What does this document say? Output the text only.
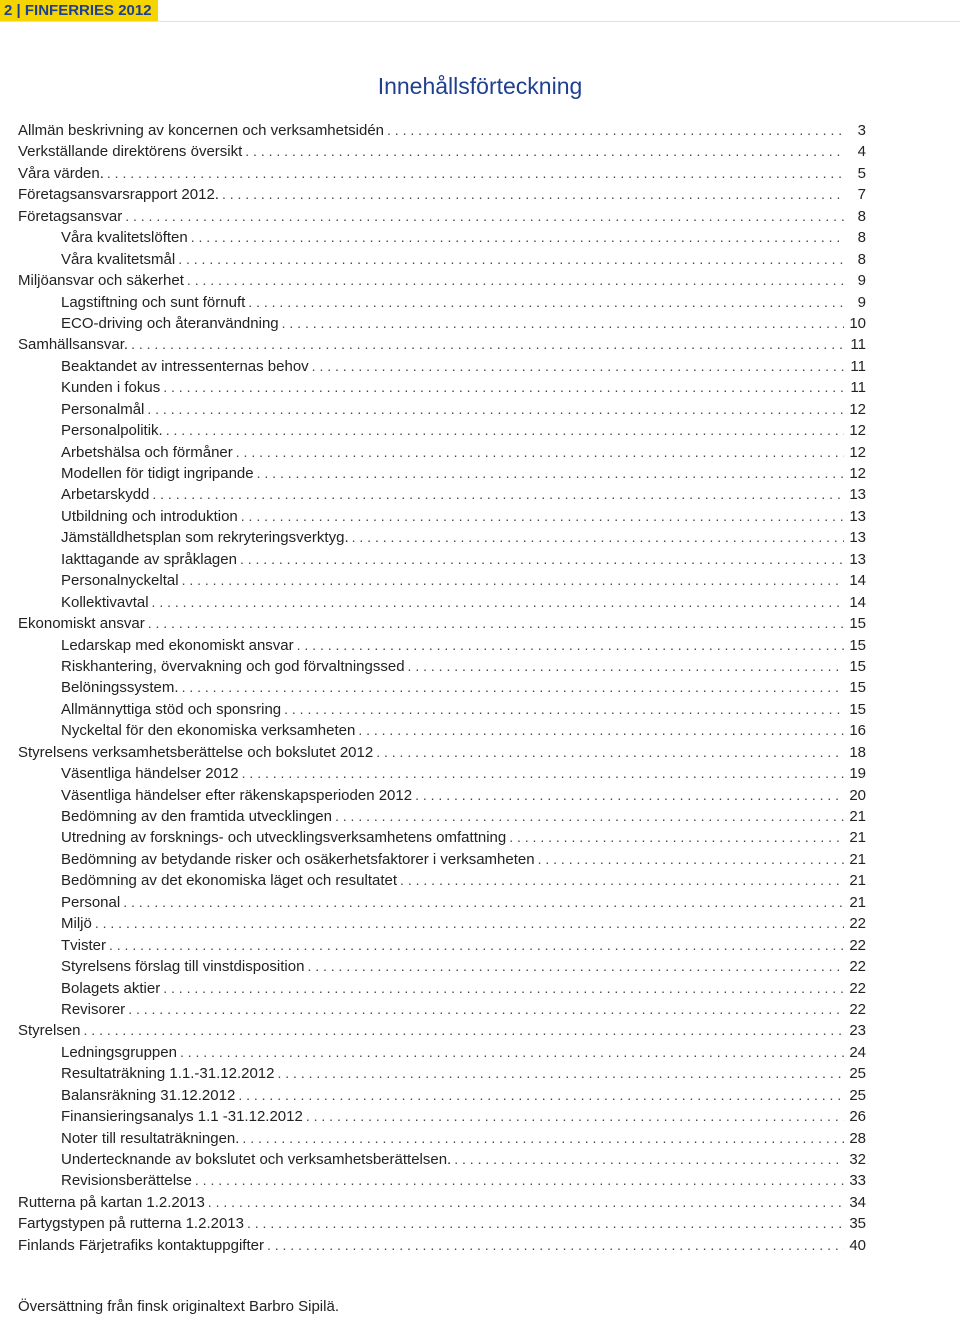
2 | FINFERRIES 2012
Innehållsförteckning
Allmän beskrivning av koncernen och verksamhetsidén . . .	3
Verkställande direktörens översikt . . .	4
Våra värden. . . .	5
Företagsansvarsrapport 2012. . . .	7
Företagsansvar . . .	8
Våra kvalitetslöften . . .	8
Våra kvalitetsmål . . .	8
Miljöansvar och säkerhet . . .	9
Lagstiftning och sunt förnuft . . .	9
ECO-driving och återanvändning . . .	10
Samhällsansvar. . . .	11
Beaktandet av intressenternas behov . . .	11
Kunden i fokus . . .	11
Personalmål . . .	12
Personalpolitik. . . .	12
Arbetshälsa och förmåner . . .	12
Modellen för tidigt ingripande . . .	12
Arbetarskydd . . .	13
Utbildning och introduktion . . .	13
Jämställdhetsplan som rekryteringsverktyg. . . .	13
Iakttagande av språklagen . . .	13
Personalnyckeltal . . .	14
Kollektivavtal . . .	14
Ekonomiskt ansvar . . .	15
Ledarskap med ekonomiskt ansvar . . .	15
Riskhantering, övervakning och god förvaltningssed . . .	15
Belöningssystem. . . .	15
Allmännyttiga stöd och sponsring . . .	15
Nyckeltal för den ekonomiska verksamheten . . .	16
Styrelsens verksamhetsberättelse och bokslutet 2012 . . .	18
Väsentliga händelser 2012 . . .	19
Väsentliga händelser efter räkenskapsperioden 2012 . . .	20
Bedömning av den framtida utvecklingen . . .	21
Utredning av forsknings- och utvecklingsverksamhetens omfattning . . .	21
Bedömning av betydande risker och osäkerhetsfaktorer i verksamheten . . .	21
Bedömning av det ekonomiska läget och resultatet . . .	21
Personal . . .	21
Miljö . . .	22
Tvister . . .	22
Styrelsens förslag till vinstdisposition . . .	22
Bolagets aktier . . .	22
Revisorer . . .	22
Styrelsen . . .	23
Ledningsgruppen . . .	24
Resultaträkning 1.1.-31.12.2012 . . .	25
Balansräkning 31.12.2012 . . .	25
Finansieringsanalys 1.1 -31.12.2012 . . .	26
Noter till resultaträkningen. . . .	28
Undertecknande av bokslutet och verksamhetsberättelsen. . . .	32
Revisionsberättelse . . .	33
Rutterna på kartan 1.2.2013 . . .	34
Fartygstypen på rutterna 1.2.2013 . . .	35
Finlands Färjetrafiks kontaktuppgifter . . .	40
Översättning från finsk originaltext Barbro Sipilä.
